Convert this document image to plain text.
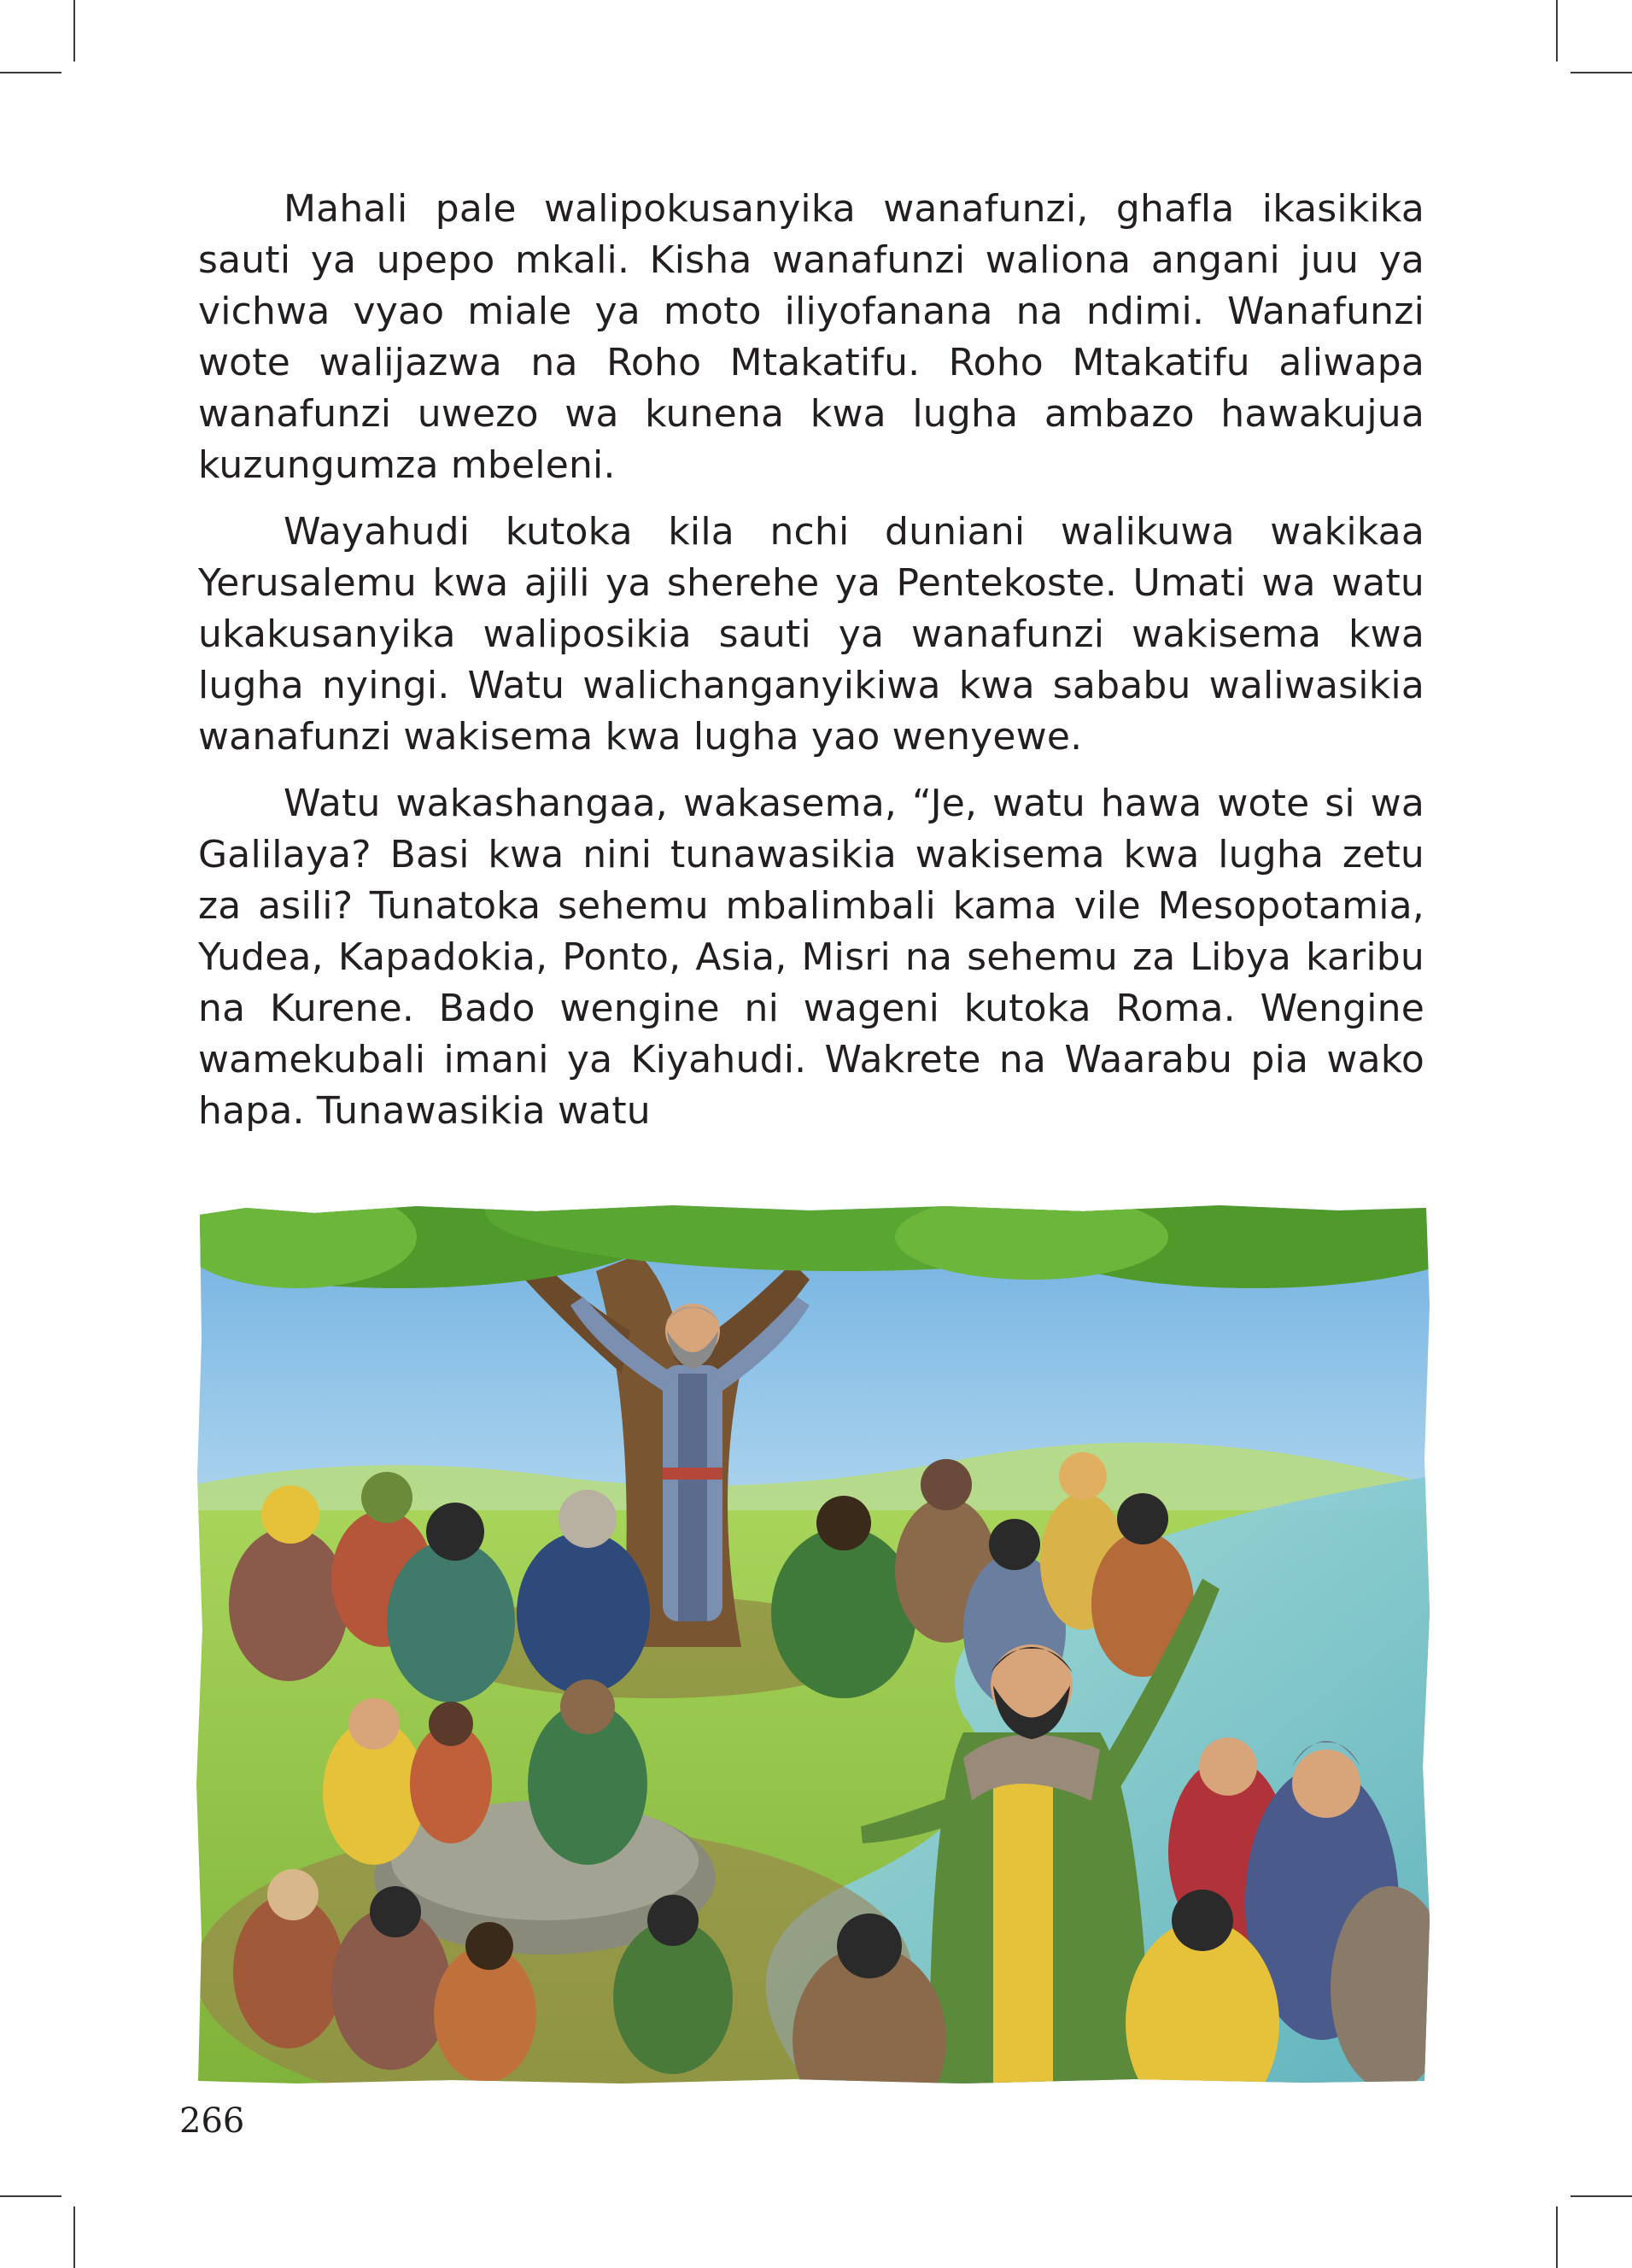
Mahali pale walipokusanyika wanafunzi, ghafla ikasikika sauti ya upepo mkali. Kisha wanafunzi waliona angani juu ya vichwa vyao miale ya moto iliyofanana na ndimi. Wanafunzi wote walijazwa na Roho Mtakatifu. Roho Mtakatifu aliwapa wanafunzi uwezo wa kunena kwa lugha ambazo hawakujua kuzungumza mbeleni.

Wayahudi kutoka kila nchi duniani walikuwa wakikaa Yerusalemu kwa ajili ya sherehe ya Pentekoste. Umati wa watu ukakusanyika waliposikia sauti ya wanafunzi wakisema kwa lugha nyingi. Watu walichanganyikiwa kwa sababu waliwasikia wanafunzi wakisema kwa lugha yao wenyewe.

Watu wakashangaa, wakasema, “Je, watu hawa wote si wa Galilaya? Basi kwa nini tunawasikia wakisema kwa lugha zetu za asili? Tunatoka sehemu mbalimbali kama vile Mesopotamia, Yudea, Kapadokia, Ponto, Asia, Misri na sehemu za Libya karibu na Kurene. Bado wengine ni wageni kutoka Roma. Wengine wamekubali imani ya Kiyahudi. Wakrete na Waarabu pia wako hapa. Tunawasikia watu

266
